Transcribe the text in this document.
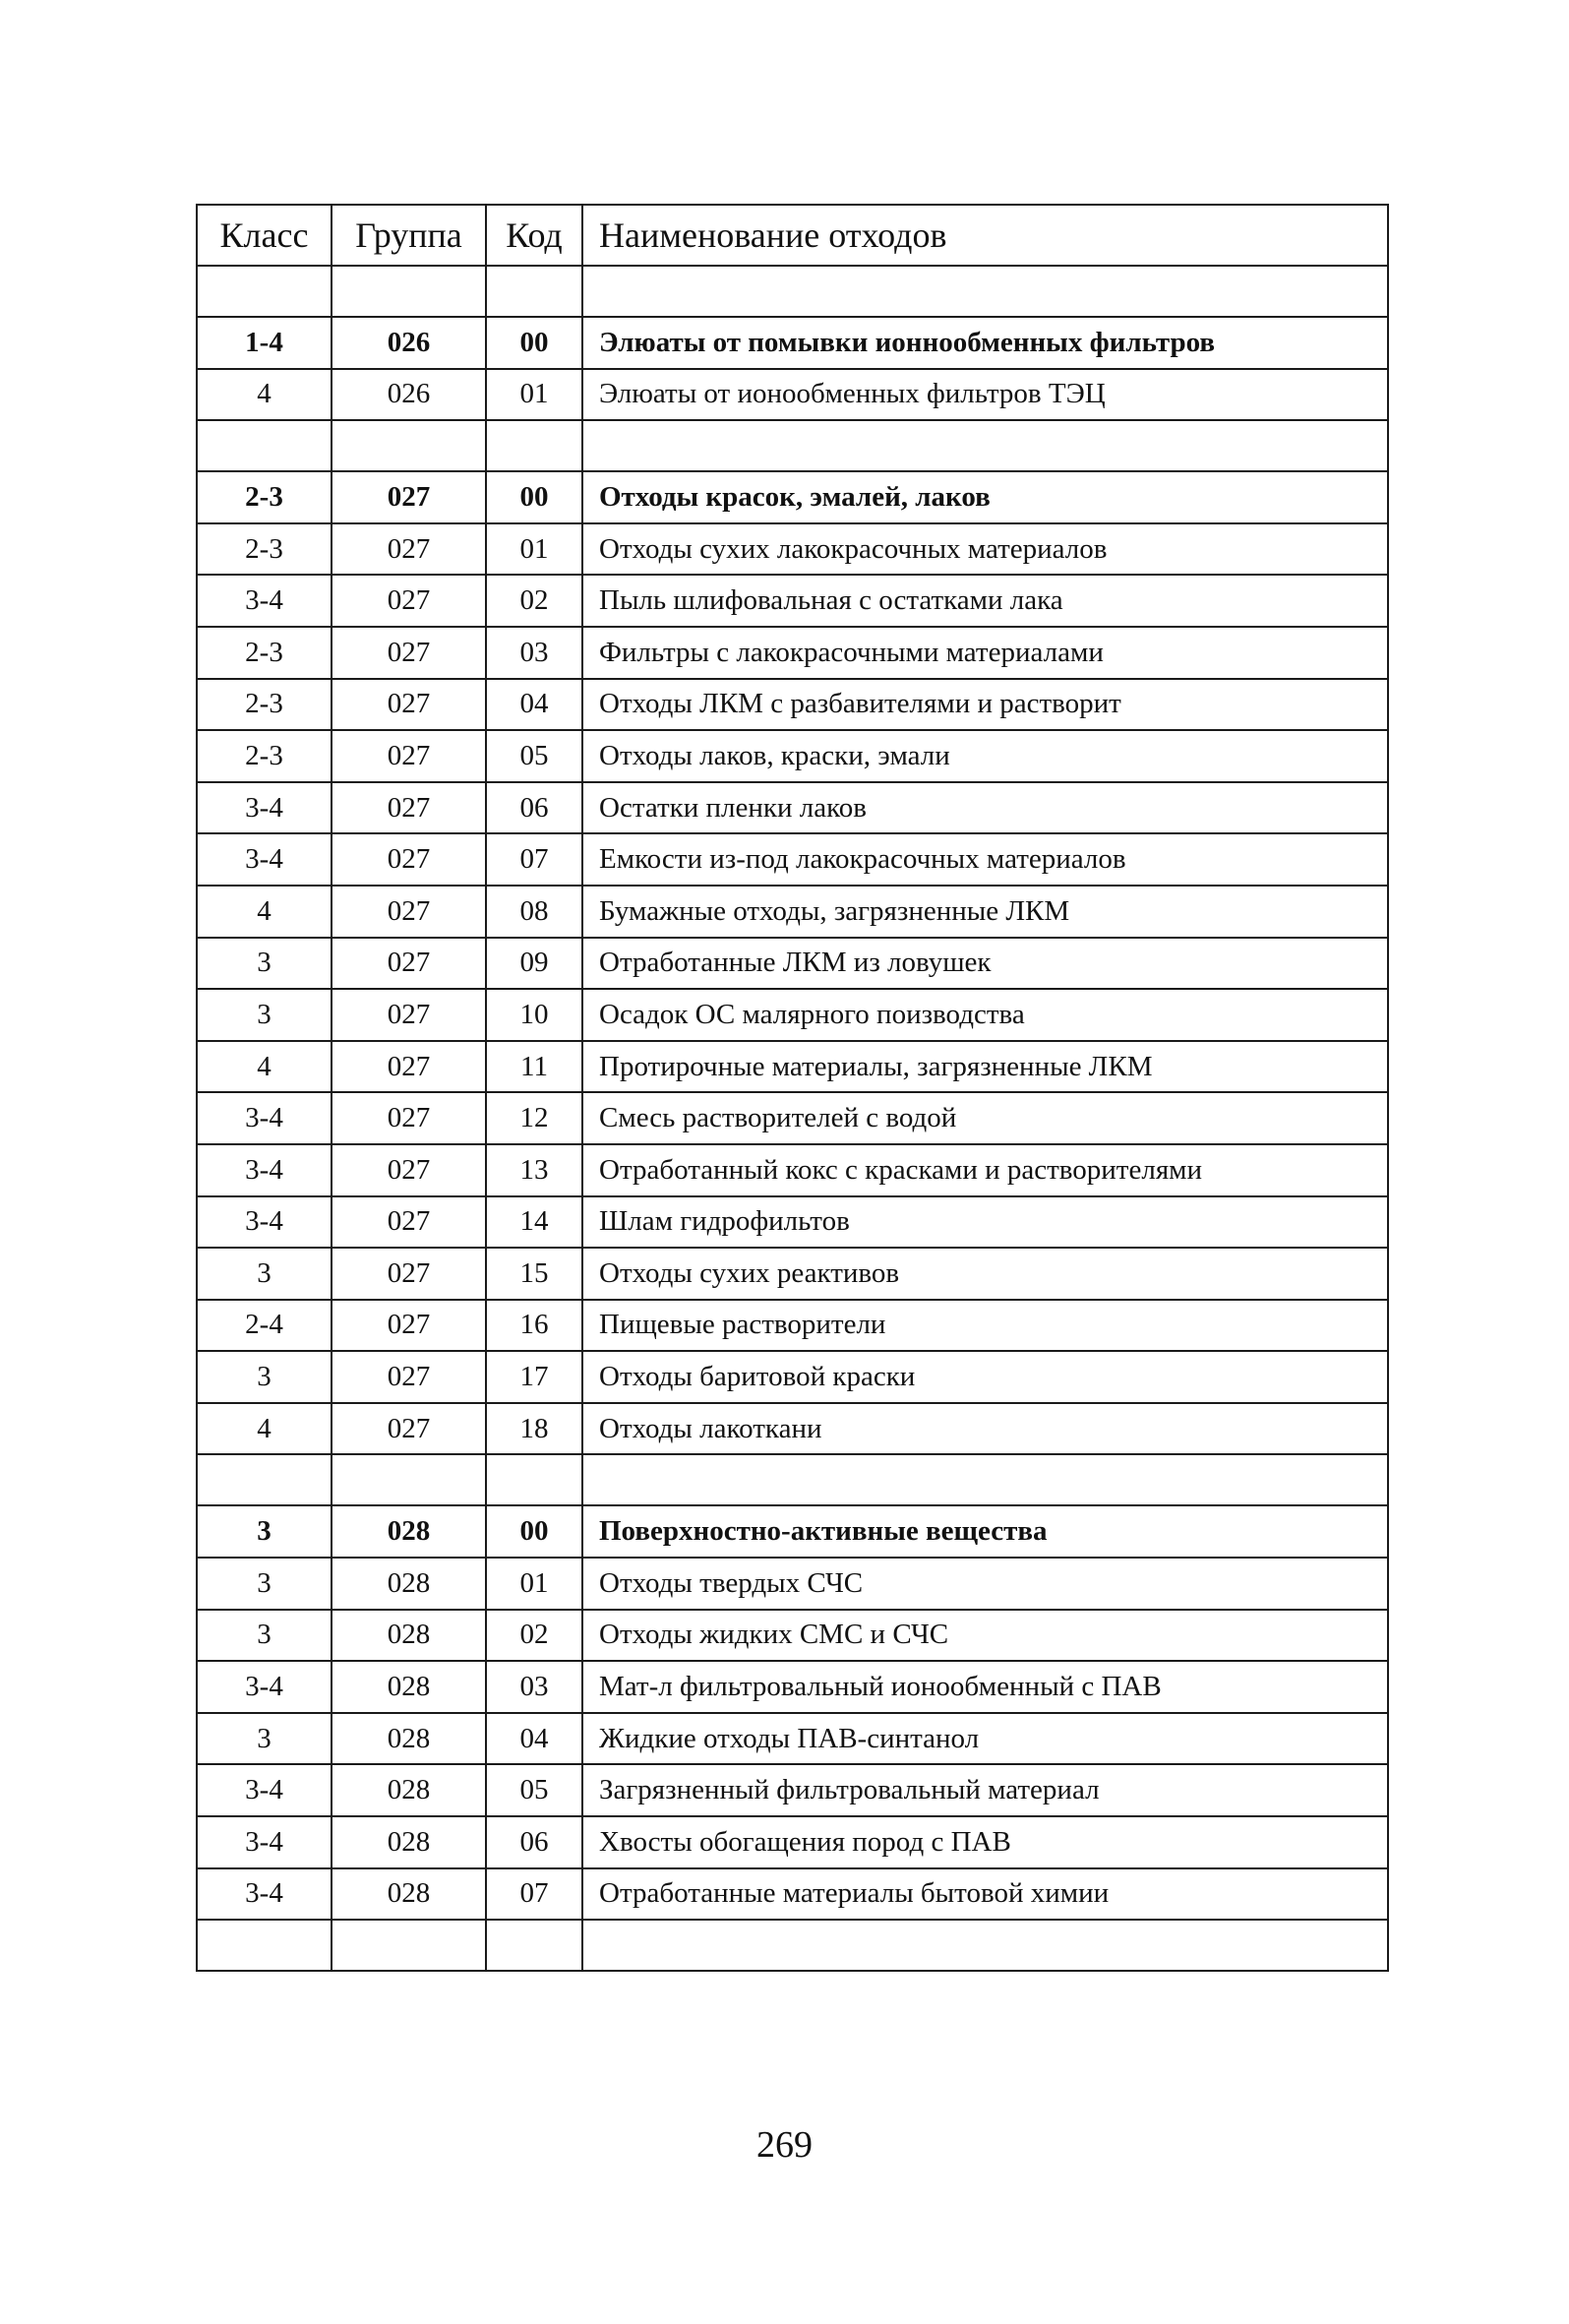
Класс	Группа	Код	Наименование отходов

1-4	026	00	Элюаты от помывки ионнообменных фильтров
4	026	01	Элюаты от ионообменных фильтров ТЭЦ

2-3	027	00	Отходы красок, эмалей, лаков
2-3	027	01	Отходы сухих лакокрасочных материалов
3-4	027	02	Пыль шлифовальная с остатками лака
2-3	027	03	Фильтры с лакокрасочными материалами
2-3	027	04	Отходы ЛКМ с разбавителями и растворит
2-3	027	05	Отходы лаков, краски, эмали
3-4	027	06	Остатки пленки лаков
3-4	027	07	Емкости из-под лакокрасочных материалов
4	027	08	Бумажные отходы, загрязненные ЛКМ
3	027	09	Отработанные ЛКМ из ловушек
3	027	10	Осадок ОС малярного поизводства
4	027	11	Протирочные материалы, загрязненные ЛКМ
3-4	027	12	Смесь растворителей с водой
3-4	027	13	Отработанный кокс с красками и растворителями
3-4	027	14	Шлам гидрофильтов
3	027	15	Отходы сухих реактивов
2-4	027	16	Пищевые растворители
3	027	17	Отходы баритовой краски
4	027	18	Отходы лакоткани

3	028	00	Поверхностно-активные вещества
3	028	01	Отходы твердых СЧС
3	028	02	Отходы жидких СМС и СЧС
3-4	028	03	Мат-л фильтровальный ионообменный с ПАВ
3	028	04	Жидкие отходы ПАВ-синтанол
3-4	028	05	Загрязненный фильтровальный материал
3-4	028	06	Хвосты обогащения пород с ПАВ
3-4	028	07	Отработанные материалы бытовой химии

269
